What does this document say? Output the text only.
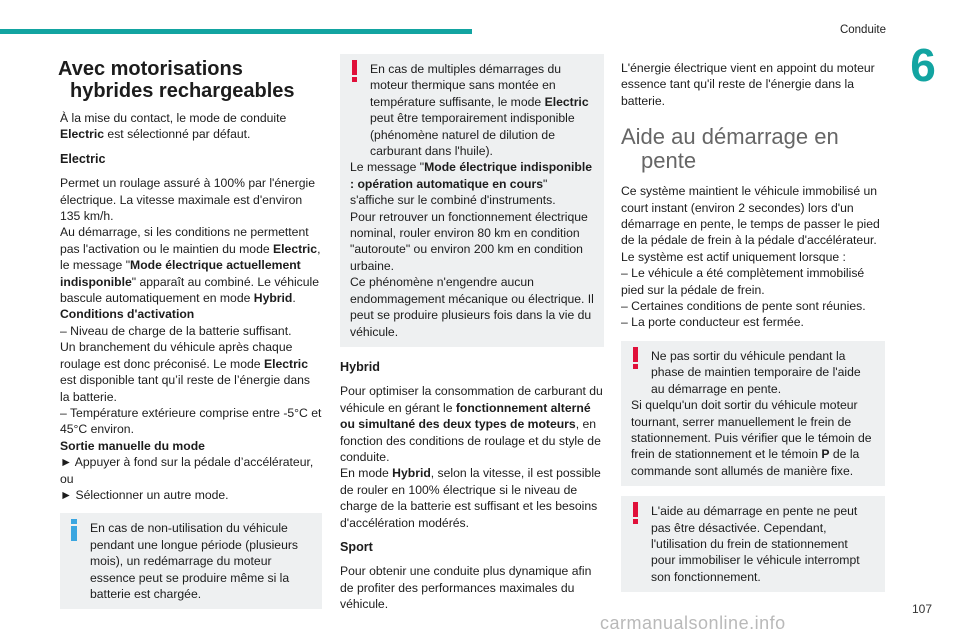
Conduite
6
Avec motorisations
hybrides rechargeables

À la mise du contact, le mode de conduite Electric est sélectionné par défaut.

Electric

Permet un roulage assuré à 100% par l'énergie électrique. La vitesse maximale est d'environ 135 km/h.

Au démarrage, si les conditions ne permettent pas l'activation ou le maintien du mode Electric, le message "Mode électrique actuellement indisponible" apparaît au combiné. Le véhicule bascule automatiquement en mode Hybrid.

Conditions d'activation

– Niveau de charge de la batterie suffisant.

Un branchement du véhicule après chaque roulage est donc préconisé. Le mode Electric est disponible tant qu’il reste de l’énergie dans la batterie.

– Température extérieure comprise entre -5°C et 45°C environ.

Sortie manuelle du mode

► Appuyer à fond sur la pédale d’accélérateur, ou

► Sélectionner un autre mode.

En cas de non-utilisation du véhicule pendant une longue période (plusieurs mois), un redémarrage du moteur essence peut se produire même si la batterie est chargée.

En cas de multiples démarrages du moteur thermique sans montée en température suffisante, le mode Electric peut être temporairement indisponible (phénomène naturel de dilution de carburant dans l'huile).

Le message "Mode électrique indisponible : opération automatique en cours" s'affiche sur le combiné d'instruments.

Pour retrouver un fonctionnement électrique nominal, rouler environ 80 km en condition "autoroute" ou environ 200 km en condition urbaine.

Ce phénomène n'engendre aucun endommagement mécanique ou électrique. Il peut se produire plusieurs fois dans la vie du véhicule.

Hybrid

Pour optimiser la consommation de carburant du véhicule en gérant le fonctionnement alterné ou simultané des deux types de moteurs, en fonction des conditions de roulage et du style de conduite.

En mode Hybrid, selon la vitesse, il est possible de rouler en 100% électrique si le niveau de charge de la batterie est suffisant et les besoins d'accélération modérés.

Sport

Pour obtenir une conduite plus dynamique afin de profiter des performances maximales du véhicule.

L'énergie électrique vient en appoint du moteur essence tant qu'il reste de l'énergie dans la batterie.

Aide au démarrage en
pente

Ce système maintient le véhicule immobilisé un court instant (environ 2 secondes) lors d'un démarrage en pente, le temps de passer le pied de la pédale de frein à la pédale d'accélérateur.

Le système est actif uniquement lorsque :

– Le véhicule a été complètement immobilisé pied sur la pédale de frein.

– Certaines conditions de pente sont réunies.

– La porte conducteur est fermée.

Ne pas sortir du véhicule pendant la phase de maintien temporaire de l'aide au démarrage en pente.

Si quelqu'un doit sortir du véhicule moteur tournant, serrer manuellement le frein de stationnement. Puis vérifier que le témoin de frein de stationnement et le témoin P de la commande sont allumés de manière fixe.

L'aide au démarrage en pente ne peut pas être désactivée. Cependant, l'utilisation du frein de stationnement pour immobiliser le véhicule interrompt son fonctionnement.

107
carmanualsonline.info
